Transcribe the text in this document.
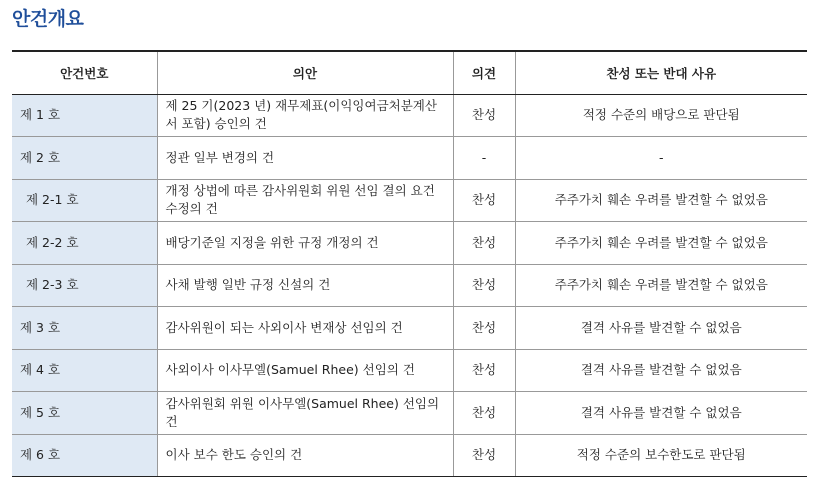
안건개요
안건번호	의안	의견	찬성 또는 반대 사유
제 1 호	제 25 기(2023 년) 재무제표(이익잉여금처분계산서 포함) 승인의 건	찬성	적정 수준의 배당으로 판단됨
제 2 호	정관 일부 변경의 건	-	-
제 2-1 호	개정 상법에 따른 감사위원회 위원 선임 결의 요건 수정의 건	찬성	주주가치 훼손 우려를 발견할 수 없었음
제 2-2 호	배당기준일 지정을 위한 규정 개정의 건	찬성	주주가치 훼손 우려를 발견할 수 없었음
제 2-3 호	사채 발행 일반 규정 신설의 건	찬성	주주가치 훼손 우려를 발견할 수 없었음
제 3 호	감사위원이 되는 사외이사 변재상 선임의 건	찬성	결격 사유를 발견할 수 없었음
제 4 호	사외이사 이사무엘(Samuel Rhee) 선임의 건	찬성	결격 사유를 발견할 수 없었음
제 5 호	감사위원회 위원 이사무엘(Samuel Rhee) 선임의 건	찬성	결격 사유를 발견할 수 없었음
제 6 호	이사 보수 한도 승인의 건	찬성	적정 수준의 보수한도로 판단됨
